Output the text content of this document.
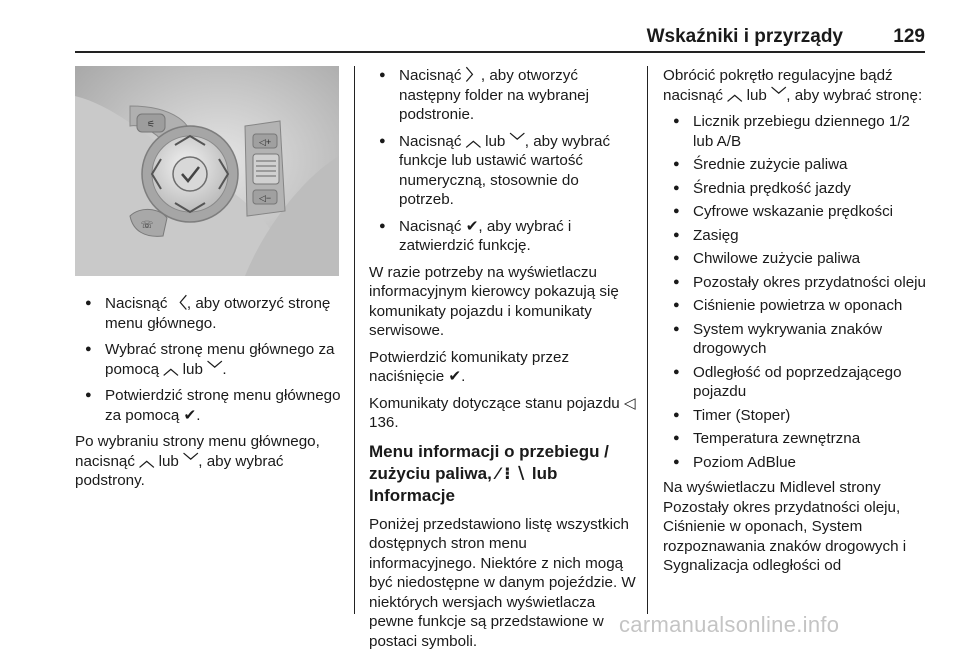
Wskaźniki i przyrządy	129
⚟
◁+
◁−
☏
● Nacisnąć 〈, aby otworzyć stronę menu głównego.
● Wybrać stronę menu głównego za pomocą ︿ lub ﹀.
● Potwierdzić stronę menu głównego za pomocą ✔.

Po wybraniu strony menu głównego, nacisnąć ︿ lub ﹀, aby wybrać podstrony.

● Nacisnąć 〉, aby otworzyć następny folder na wybranej podstronie.
● Nacisnąć ︿ lub ﹀, aby wybrać funkcje lub ustawić wartość numeryczną, stosownie do potrzeb.
● Nacisnąć ✔, aby wybrać i zatwierdzić funkcję.

W razie potrzeby na wyświetlaczu informacyjnym kierowcy pokazują się komunikaty pojazdu i komunikaty serwisowe.

Potwierdzić komunikaty przez naciśnięcie ✔.

Komunikaty dotyczące stanu pojazdu ◁ 136.

Menu informacji o przebiegu /
zużyciu paliwa, ⁄ ⁝ ∖ lub
Informacje

Poniżej przedstawiono listę wszystkich dostępnych stron menu informacyjnego. Niektóre z nich mogą być niedostępne w danym pojeździe. W niektórych wersjach wyświetlacza pewne funkcje są przedstawione w postaci symboli.

Obrócić pokrętło regulacyjne bądź nacisnąć ︿ lub ﹀, aby wybrać stronę:

● Licznik przebiegu dziennego 1/2 lub A/B
● Średnie zużycie paliwa
● Średnia prędkość jazdy
● Cyfrowe wskazanie prędkości
● Zasięg
● Chwilowe zużycie paliwa
● Pozostały okres przydatności oleju
● Ciśnienie powietrza w oponach
● System wykrywania znaków drogowych
● Odległość od poprzedzającego pojazdu
● Timer (Stoper)
● Temperatura zewnętrzna
● Poziom AdBlue

Na wyświetlaczu Midlevel strony Pozostały okres przydatności oleju, Ciśnienie w oponach, System rozpoznawania znaków drogowych i Sygnalizacja odległości od

carmanualsonline.info
